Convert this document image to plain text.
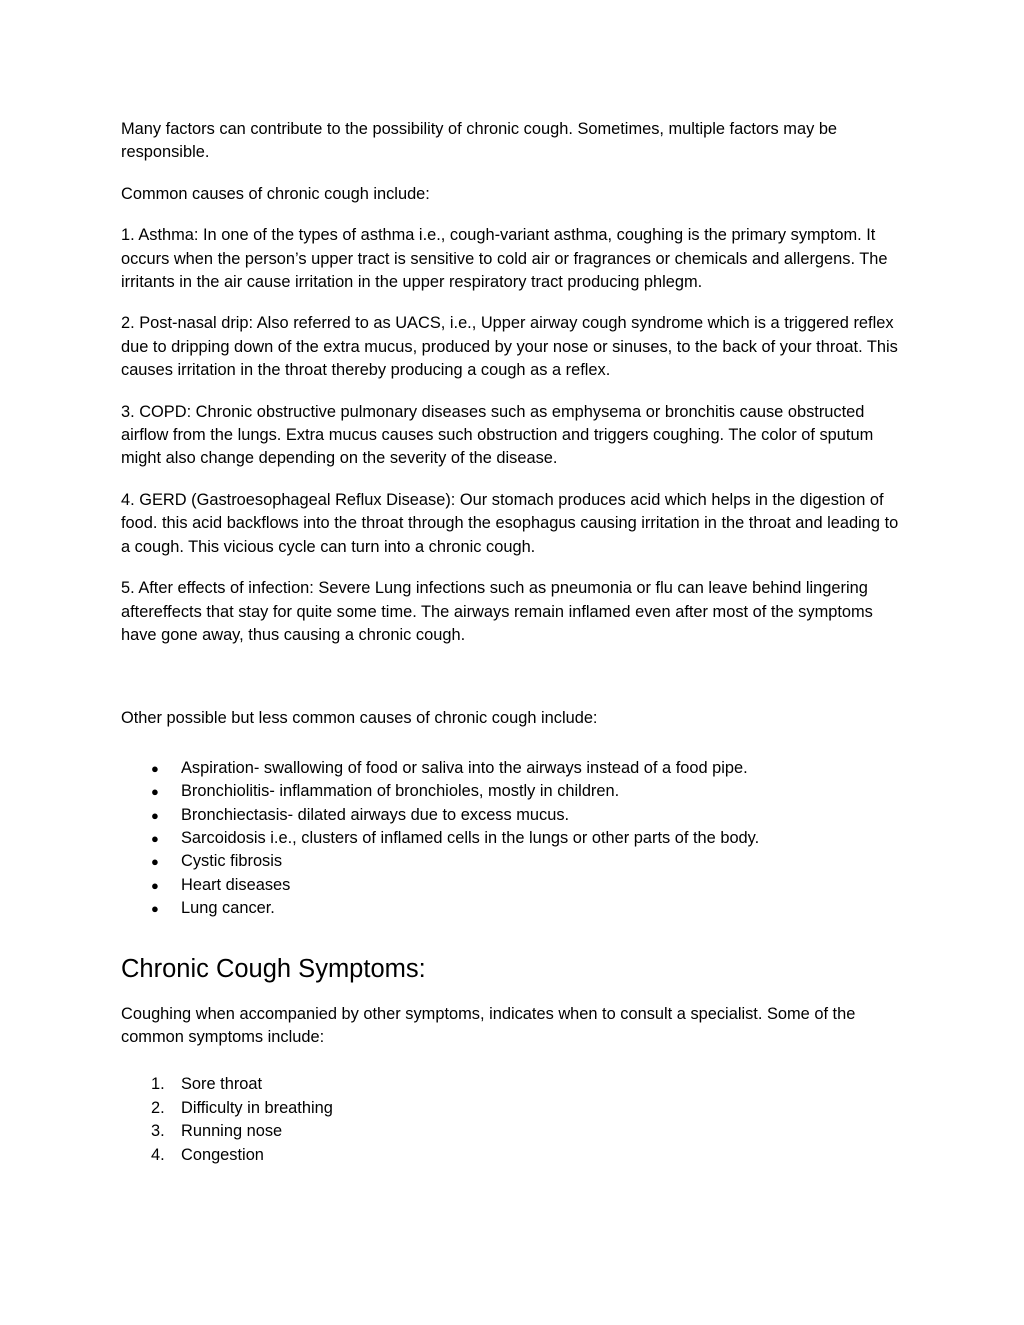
Many factors can contribute to the possibility of chronic cough. Sometimes, multiple factors may be responsible.

Common causes of chronic cough include:

1. Asthma: In one of the types of asthma i.e., cough-variant asthma, coughing is the primary symptom. It occurs when the person’s upper tract is sensitive to cold air or fragrances or chemicals and allergens. The irritants in the air cause irritation in the upper respiratory tract producing phlegm.

2. Post-nasal drip: Also referred to as UACS, i.e., Upper airway cough syndrome which is a triggered reflex due to dripping down of the extra mucus, produced by your nose or sinuses, to the back of your throat. This causes irritation in the throat thereby producing a cough as a reflex.

3. COPD: Chronic obstructive pulmonary diseases such as emphysema or bronchitis cause obstructed airflow from the lungs. Extra mucus causes such obstruction and triggers coughing. The color of sputum might also change depending on the severity of the disease.

4. GERD (Gastroesophageal Reflux Disease): Our stomach produces acid which helps in the digestion of food. this acid backflows into the throat through the esophagus causing irritation in the throat and leading to a cough. This vicious cycle can turn into a chronic cough.

5. After effects of infection: Severe Lung infections such as pneumonia or flu can leave behind lingering aftereffects that stay for quite some time. The airways remain inflamed even after most of the symptoms have gone away, thus causing a chronic cough.

Other possible but less common causes of chronic cough include:

● Aspiration- swallowing of food or saliva into the airways instead of a food pipe.
● Bronchiolitis- inflammation of bronchioles, mostly in children.
● Bronchiectasis- dilated airways due to excess mucus.
● Sarcoidosis i.e., clusters of inflamed cells in the lungs or other parts of the body.
● Cystic fibrosis
● Heart diseases
● Lung cancer.
Chronic Cough Symptoms:

Coughing when accompanied by other symptoms, indicates when to consult a specialist. Some of the common symptoms include:

1. Sore throat
2. Difficulty in breathing
3. Running nose
4. Congestion
